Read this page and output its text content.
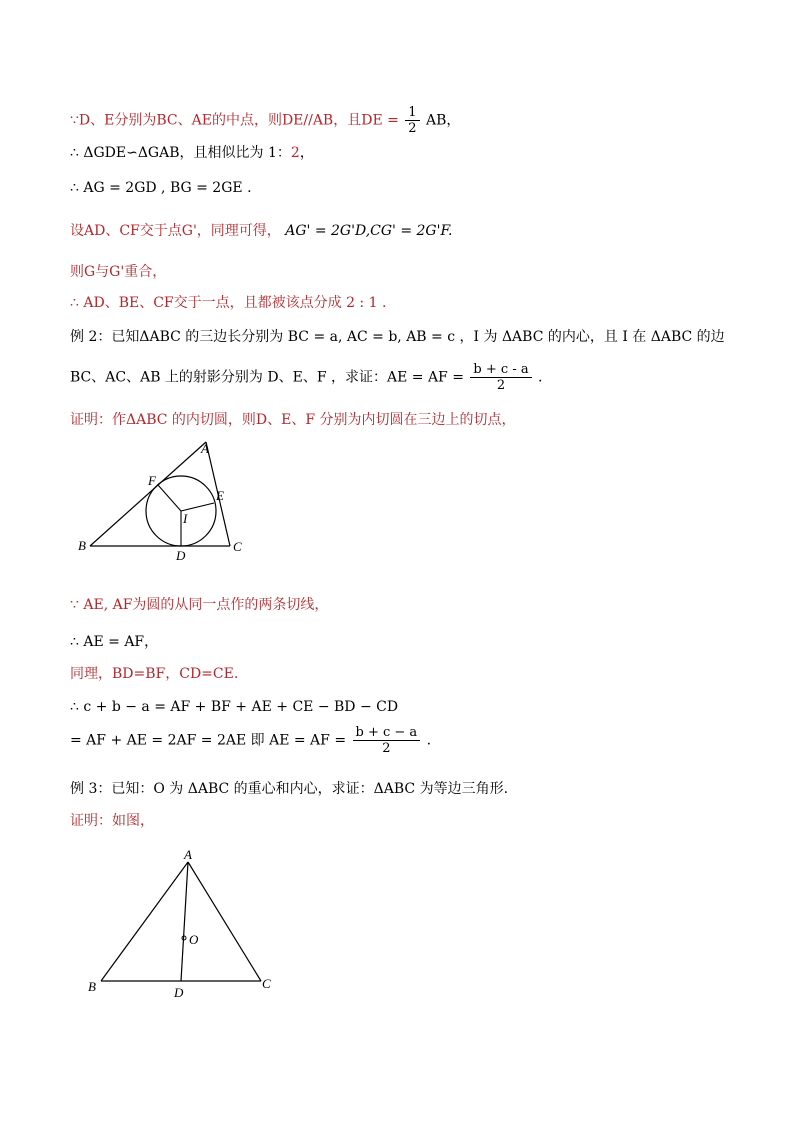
∵D、E分别为BC、AE的中点，则DE//AB，且DE = $\frac{1}{2}$ AB，
∴ ΔGDE∽ΔGAB，且相似比为 1：2，
∴ AG = 2GD , BG = 2GE .
设AD、CF交于点G'，同理可得， AG' = 2G'D,CG' = 2G'F.
则G与G'重合，
∴ AD、BE、CF交于一点，且都被该点分成 2 : 1 .
例 2：已知ΔABC 的三边长分别为 BC = a, AC = b, AB = c ，I 为 ΔABC 的内心，且 I 在 ΔABC 的边
BC、AC、AB 上的射影分别为 D、E、F ，求证：AE = AF = $\frac{b + c - a}{2}$ .
证明：作ΔABC 的内切圆，则D、E、F 分别为内切圆在三边上的切点，
A
B	C
D
E
F
I
∵ AE, AF为圆的从同一点作的两条切线，
∴ AE = AF，
同理，BD=BF，CD=CE.
∴ c + b − a = AF + BF + AE + CE − BD − CD
= AF + AE = 2AF = 2AE 即 AE = AF = $\frac{b + c - a}{2}$ .
例 3：已知：O 为 ΔABC 的重心和内心，求证：ΔABC 为等边三角形.
证明：如图，
A
B	C
D
O
